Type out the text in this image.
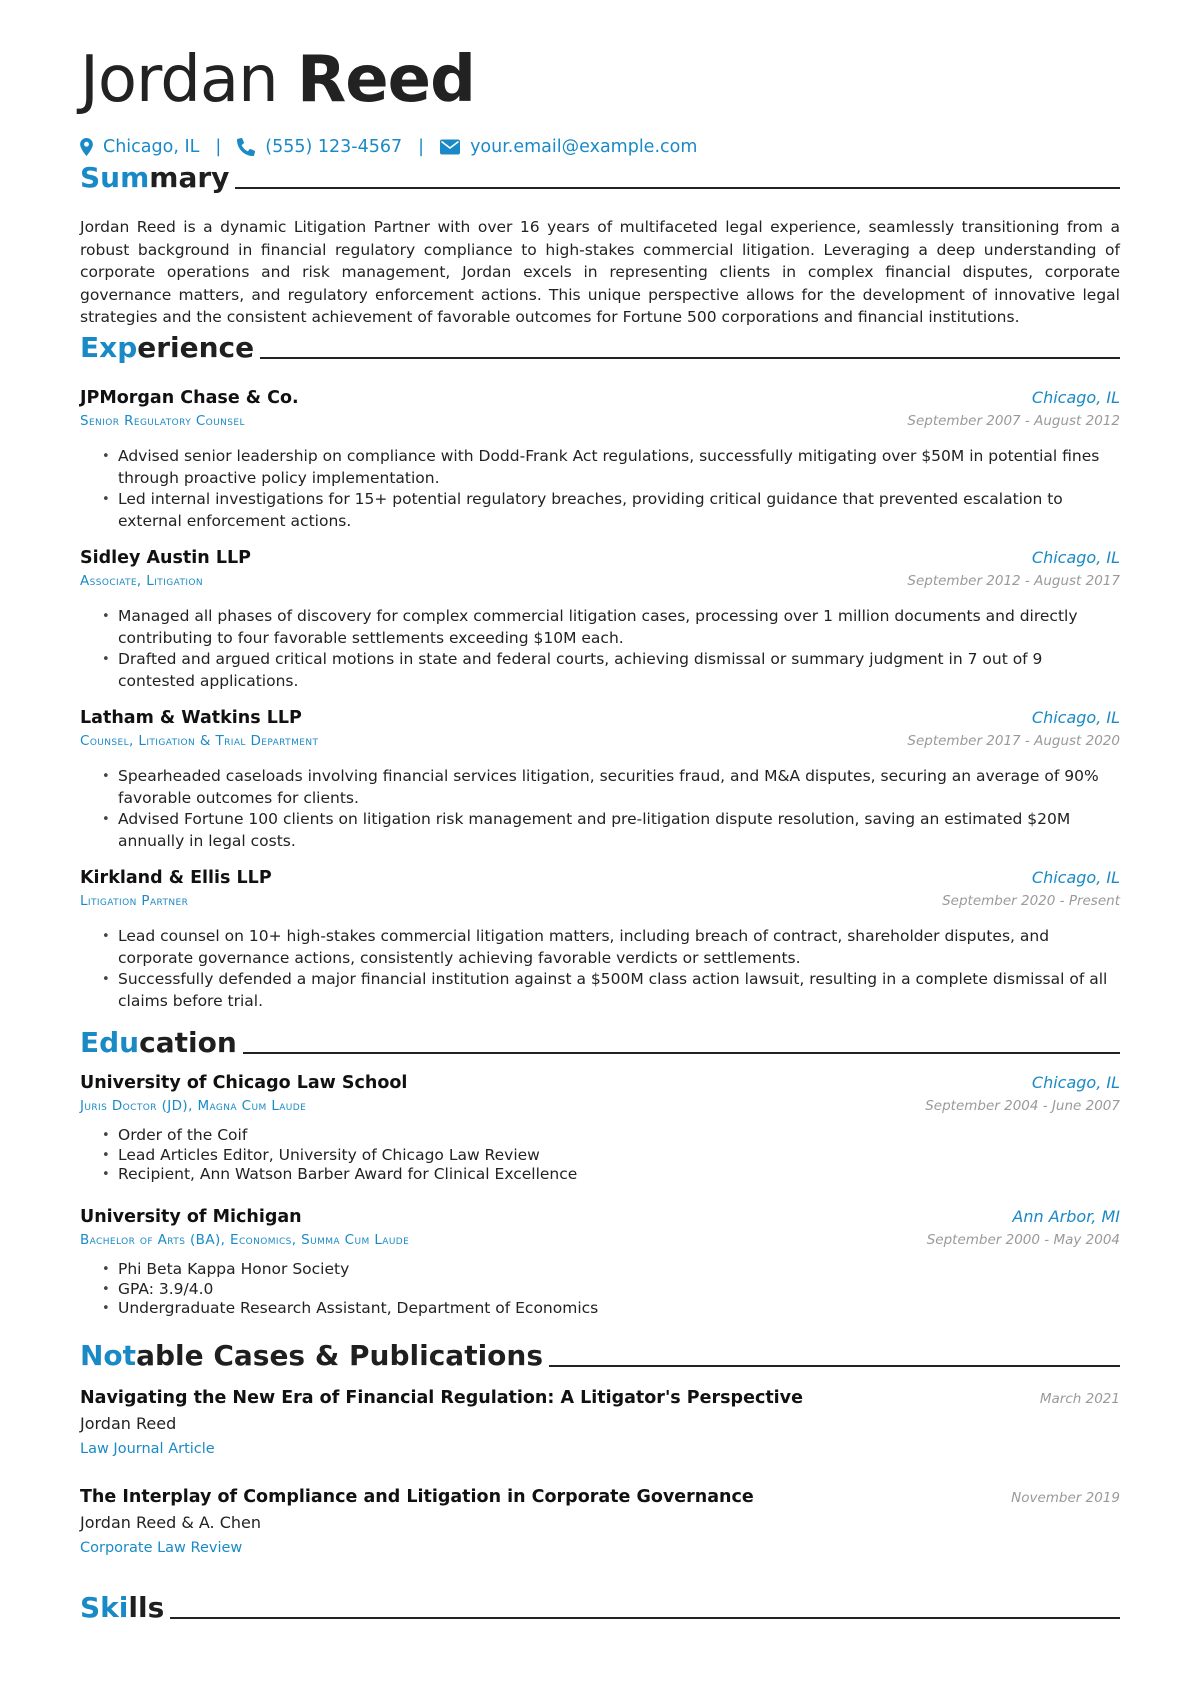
Jordan Reed
Chicago, IL |	(555) 123-4567 |	your.email@example.com
Summary

Jordan Reed is a dynamic Litigation Partner with over 16 years of multifaceted legal experience, seamlessly transitioning from a robust background in financial regulatory compliance to high-stakes commercial litigation. Leveraging a deep understanding of corporate operations and risk management, Jordan excels in representing clients in complex financial disputes, corporate governance matters, and regulatory enforcement actions. This unique perspective allows for the development of innovative legal strategies and the consistent achievement of favorable outcomes for Fortune 500 corporations and financial institutions.

Experience
JPMorgan Chase & Co.	Chicago, IL
Senior Regulatory Counsel	September 2007 - August 2012
• Advised senior leadership on compliance with Dodd-Frank Act regulations, successfully mitigating over $50M in potential fines through proactive policy implementation.
• Led internal investigations for 15+ potential regulatory breaches, providing critical guidance that prevented escalation to external enforcement actions.
Sidley Austin LLP	Chicago, IL
Associate, Litigation	September 2012 - August 2017
• Managed all phases of discovery for complex commercial litigation cases, processing over 1 million documents and directly contributing to four favorable settlements exceeding $10M each.
• Drafted and argued critical motions in state and federal courts, achieving dismissal or summary judgment in 7 out of 9 contested applications.
Latham & Watkins LLP	Chicago, IL
Counsel, Litigation & Trial Department	September 2017 - August 2020
• Spearheaded caseloads involving financial services litigation, securities fraud, and M&A disputes, securing an average of 90% favorable outcomes for clients.
• Advised Fortune 100 clients on litigation risk management and pre-litigation dispute resolution, saving an estimated $20M annually in legal costs.
Kirkland & Ellis LLP	Chicago, IL
Litigation Partner	September 2020 - Present
• Lead counsel on 10+ high-stakes commercial litigation matters, including breach of contract, shareholder disputes, and corporate governance actions, consistently achieving favorable verdicts or settlements.
• Successfully defended a major financial institution against a $500M class action lawsuit, resulting in a complete dismissal of all claims before trial.
Education
University of Chicago Law School	Chicago, IL
Juris Doctor (JD), Magna Cum Laude	September 2004 - June 2007
• Order of the Coif
• Lead Articles Editor, University of Chicago Law Review
• Recipient, Ann Watson Barber Award for Clinical Excellence
University of Michigan	Ann Arbor, MI
Bachelor of Arts (BA), Economics, Summa Cum Laude	September 2000 - May 2004
• Phi Beta Kappa Honor Society
• GPA: 3.9/4.0
• Undergraduate Research Assistant, Department of Economics
Notable Cases & Publications
Navigating the New Era of Financial Regulation: A Litigator's Perspective	March 2021
Jordan Reed
Law Journal Article
The Interplay of Compliance and Litigation in Corporate Governance	November 2019
Jordan Reed & A. Chen
Corporate Law Review
Skills
